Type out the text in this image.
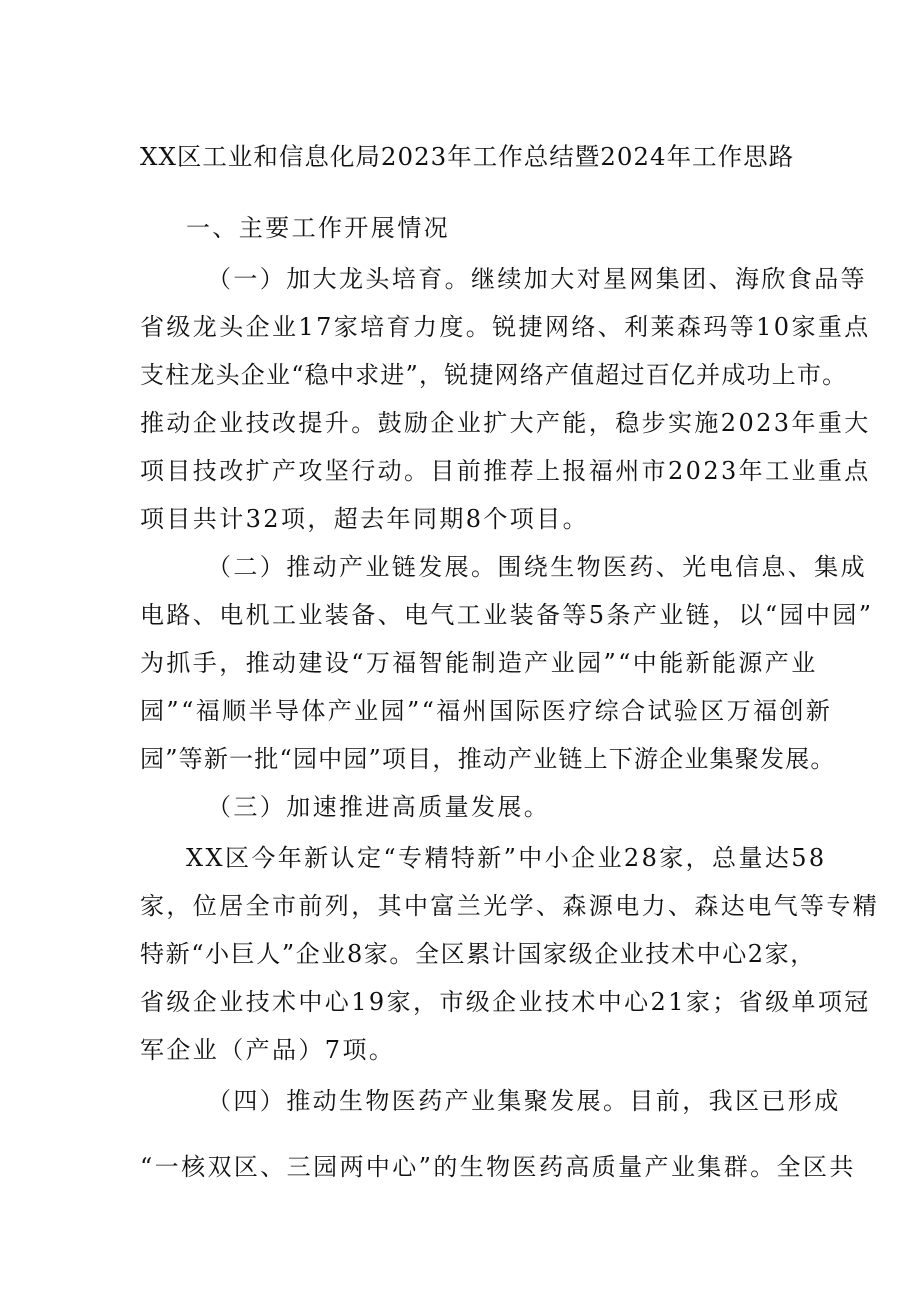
XX区工业和信息化局2023年工作总结暨2024年工作思路
一、主要工作开展情况
（一）加大龙头培育。继续加大对星网集团、海欣食品等
省级龙头企业17家培育力度。锐捷网络、利莱森玛等10家重点
支柱龙头企业“稳中求进”，锐捷网络产值超过百亿并成功上市。
推动企业技改提升。鼓励企业扩大产能，稳步实施2023年重大
项目技改扩产攻坚行动。目前推荐上报福州市2023年工业重点
项目共计32项，超去年同期8个项目。
（二）推动产业链发展。围绕生物医药、光电信息、集成
电路、电机工业装备、电气工业装备等5条产业链，以“园中园”
为抓手，推动建设“万福智能制造产业园”“中能新能源产业
园”“福顺半导体产业园”“福州国际医疗综合试验区万福创新
园”等新一批“园中园”项目，推动产业链上下游企业集聚发展。
（三）加速推进高质量发展。
XX区今年新认定“专精特新”中小企业28家，总量达58
家，位居全市前列，其中富兰光学、森源电力、森达电气等专精
特新“小巨人”企业8家。全区累计国家级企业技术中心2家，
省级企业技术中心19家，市级企业技术中心21家；省级单项冠
军企业（产品）7项。
（四）推动生物医药产业集聚发展。目前，我区已形成
“一核双区、三园两中心”的生物医药高质量产业集群。全区共
